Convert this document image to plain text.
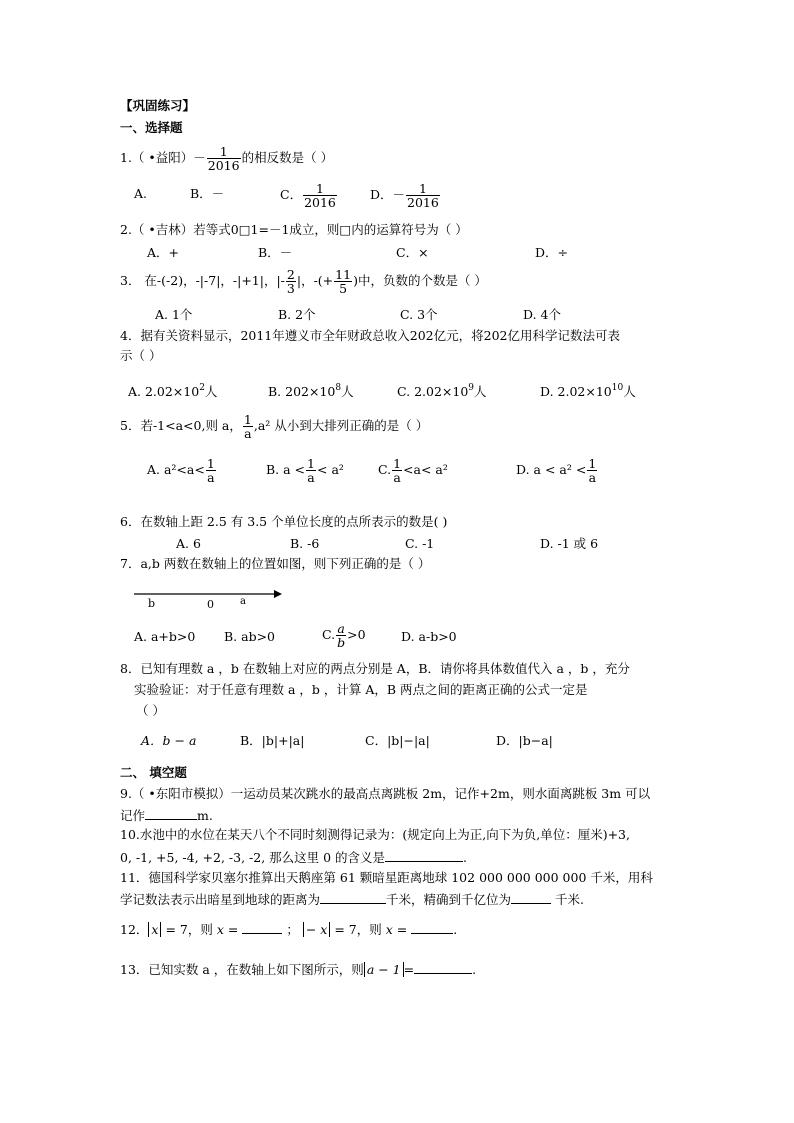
【巩固练习】
一、选择题
1.（ •益阳）－ $\frac{1}{2016}$ 的相反数是（ ）
A.	B．－	C． $\frac{1}{2016}$	D．－ $\frac{1}{2016}$
2.（ •吉林）若等式0□1=－1成立，则□内的运算符号为（ ）
A．+	B．－	C．×	D．÷
3． 在-(-2)，-|-7|，-|+1|，|- $\frac{2}{3}$ |，-(+ $\frac{11}{5}$ )中，负数的个数是（ ）
A. 1个	B. 2个	C. 3个	D. 4个
4．据有关资料显示，2011年遵义市全年财政总收入202亿元，将202亿用科学记数法可表
示（ ）
A. $2.02\times 10^2$人	B. $202\times 10^8$人	C. $2.02\times 10^9$人	D. $2.02\times 10^{10}$人
5．若-1<a<0,则 a， $\frac{1}{a} ,a^2$ 从小到大排列正确的是（ ）
A. $a^2<a< \frac{1}{a}$	B. $a < \frac{1}{a} < a^2$	C. $\frac{1}{a} <a< a^2$	D. $a < a^2 < \frac{1}{a}$
6．在数轴上距 2.5 有 3.5 个单位长度的点所表示的数是( )
A. 6	B. -6	C. -1	D. -1 或 6
7．a,b 两数在数轴上的位置如图，则下列正确的是（ ）
b	0	a
A. a+b>0 B. ab>0	C. $\frac{a}{b} >0$	D. a-b>0
8．已知有理数 a ，b 在数轴上对应的两点分别是 A，B．请你将具体数值代入 a ，b ，充分
实验验证：对于任意有理数 a ，b ，计算 A，B 两点之间的距离正确的公式一定是
（ ）
A．b − a	B．|b|+|a|	C．|b|−|a|	D．|b−a|
二、 填空题
9.（ •东阳市模拟）一运动员某次跳水的最高点离跳板 2m，记作+2m，则水面离跳板 3m 可以
记作	m.
10.水池中的水位在某天八个不同时刻测得记录为：(规定向上为正,向下为负,单位：厘米)+3,
0, -1, +5, -4, +2, -3, -2, 那么这里 0 的含义是	.
11．德国科学家贝塞尔推算出天鹅座第 61 颗暗星距离地球 102 000 000 000 000 千米，用科
学记数法表示出暗星到地球的距离为	千米，精确到千亿位为	千米.
12． x = 7，则 x =	； − x = 7，则 x =	.
13．已知实数 a ，在数轴上如下图所示，则 a − 1 =	.
